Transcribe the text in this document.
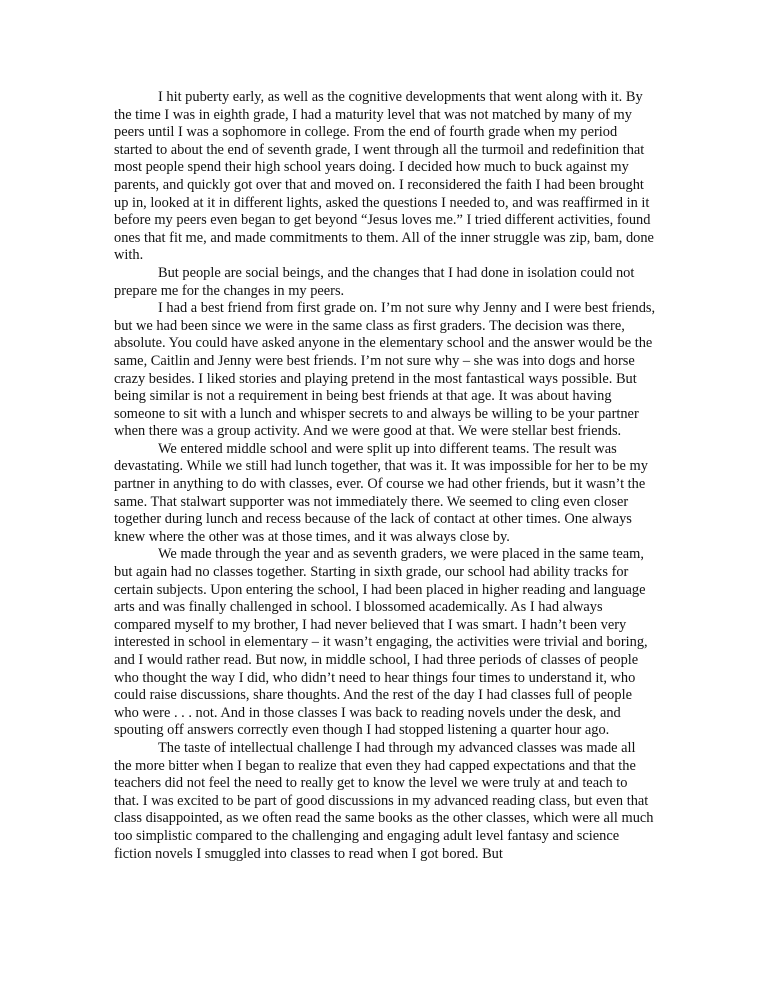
I hit puberty early, as well as the cognitive developments that went along with it. By the time I was in eighth grade, I had a maturity level that was not matched by many of my peers until I was a sophomore in college. From the end of fourth grade when my period started to about the end of seventh grade, I went through all the turmoil and redefinition that most people spend their high school years doing. I decided how much to buck against my parents, and quickly got over that and moved on. I reconsidered the faith I had been brought up in, looked at it in different lights, asked the questions I needed to, and was reaffirmed in it before my peers even began to get beyond “Jesus loves me.” I tried different activities, found ones that fit me, and made commitments to them. All of the inner struggle was zip, bam, done with.

But people are social beings, and the changes that I had done in isolation could not prepare me for the changes in my peers.

I had a best friend from first grade on. I’m not sure why Jenny and I were best friends, but we had been since we were in the same class as first graders. The decision was there, absolute. You could have asked anyone in the elementary school and the answer would be the same, Caitlin and Jenny were best friends. I’m not sure why – she was into dogs and horse crazy besides. I liked stories and playing pretend in the most fantastical ways possible. But being similar is not a requirement in being best friends at that age. It was about having someone to sit with a lunch and whisper secrets to and always be willing to be your partner when there was a group activity. And we were good at that. We were stellar best friends.

We entered middle school and were split up into different teams. The result was devastating. While we still had lunch together, that was it. It was impossible for her to be my partner in anything to do with classes, ever. Of course we had other friends, but it wasn’t the same. That stalwart supporter was not immediately there. We seemed to cling even closer together during lunch and recess because of the lack of contact at other times. One always knew where the other was at those times, and it was always close by.

We made through the year and as seventh graders, we were placed in the same team, but again had no classes together. Starting in sixth grade, our school had ability tracks for certain subjects. Upon entering the school, I had been placed in higher reading and language arts and was finally challenged in school. I blossomed academically. As I had always compared myself to my brother, I had never believed that I was smart. I hadn’t been very interested in school in elementary – it wasn’t engaging, the activities were trivial and boring, and I would rather read. But now, in middle school, I had three periods of classes of people who thought the way I did, who didn’t need to hear things four times to understand it, who could raise discussions, share thoughts. And the rest of the day I had classes full of people who were . . . not. And in those classes I was back to reading novels under the desk, and spouting off answers correctly even though I had stopped listening a quarter hour ago.

The taste of intellectual challenge I had through my advanced classes was made all the more bitter when I began to realize that even they had capped expectations and that the teachers did not feel the need to really get to know the level we were truly at and teach to that. I was excited to be part of good discussions in my advanced reading class, but even that class disappointed, as we often read the same books as the other classes, which were all much too simplistic compared to the challenging and engaging adult level fantasy and science fiction novels I smuggled into classes to read when I got bored. But
